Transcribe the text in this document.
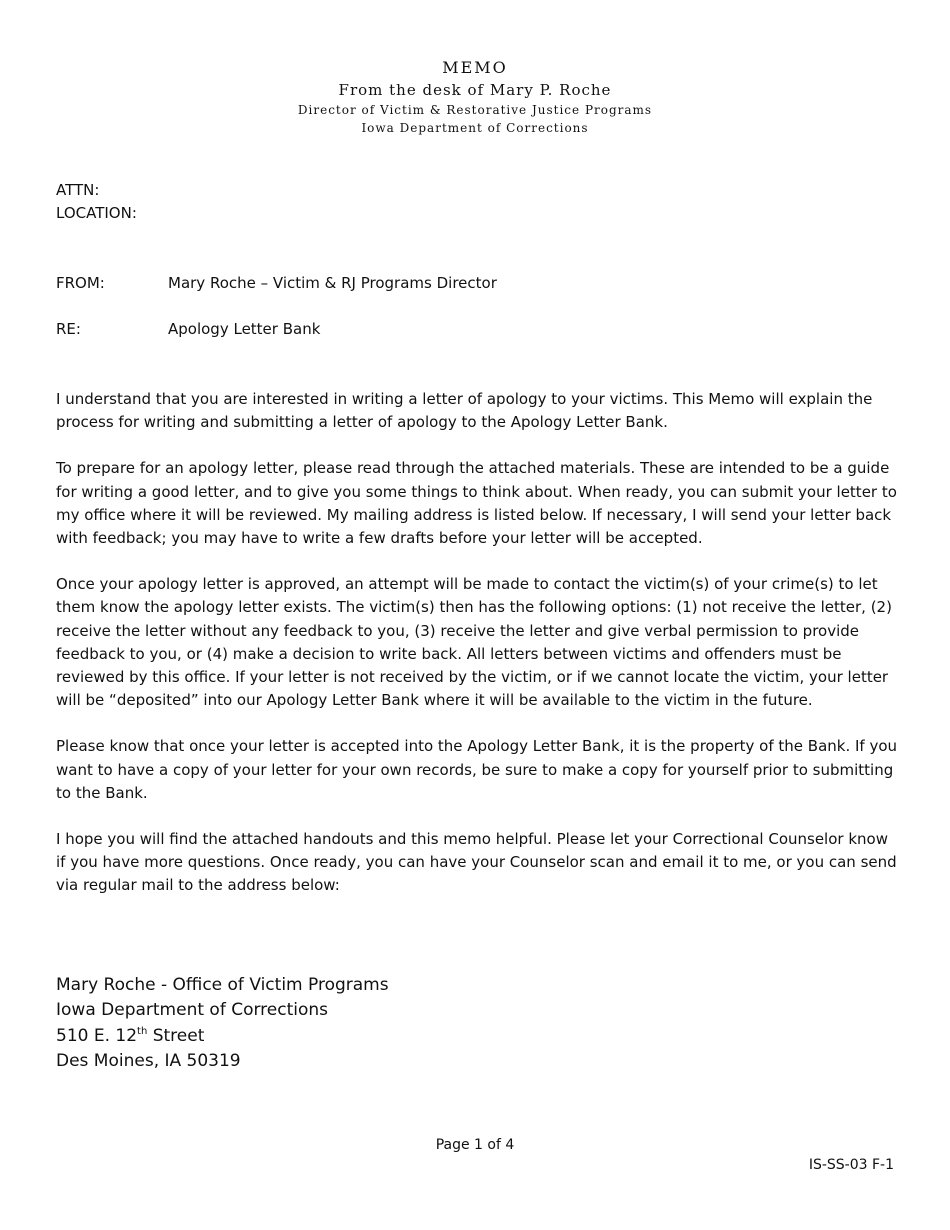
MEMO
From the desk of Mary P. Roche
Director of Victim & Restorative Justice Programs
Iowa Department of Corrections
ATTN:
LOCATION:
FROM:	Mary Roche – Victim & RJ Programs Director
RE:	Apology Letter Bank

I understand that you are interested in writing a letter of apology to your victims. This Memo will explain the process for writing and submitting a letter of apology to the Apology Letter Bank.

To prepare for an apology letter, please read through the attached materials. These are intended to be a guide for writing a good letter, and to give you some things to think about. When ready, you can submit your letter to my office where it will be reviewed. My mailing address is listed below. If necessary, I will send your letter back with feedback; you may have to write a few drafts before your letter will be accepted.

Once your apology letter is approved, an attempt will be made to contact the victim(s) of your crime(s) to let them know the apology letter exists. The victim(s) then has the following options: (1) not receive the letter, (2) receive the letter without any feedback to you, (3) receive the letter and give verbal permission to provide feedback to you, or (4) make a decision to write back. All letters between victims and offenders must be reviewed by this office. If your letter is not received by the victim, or if we cannot locate the victim, your letter will be “deposited” into our Apology Letter Bank where it will be available to the victim in the future.

Please know that once your letter is accepted into the Apology Letter Bank, it is the property of the Bank. If you want to have a copy of your letter for your own records, be sure to make a copy for yourself prior to submitting to the Bank.

I hope you will find the attached handouts and this memo helpful. Please let your Correctional Counselor know if you have more questions. Once ready, you can have your Counselor scan and email it to me, or you can send via regular mail to the address below:

Mary Roche - Office of Victim Programs
Iowa Department of Corrections
510 E. 12th Street
Des Moines, IA 50319
Page 1 of 4
IS-SS-03 F-1
